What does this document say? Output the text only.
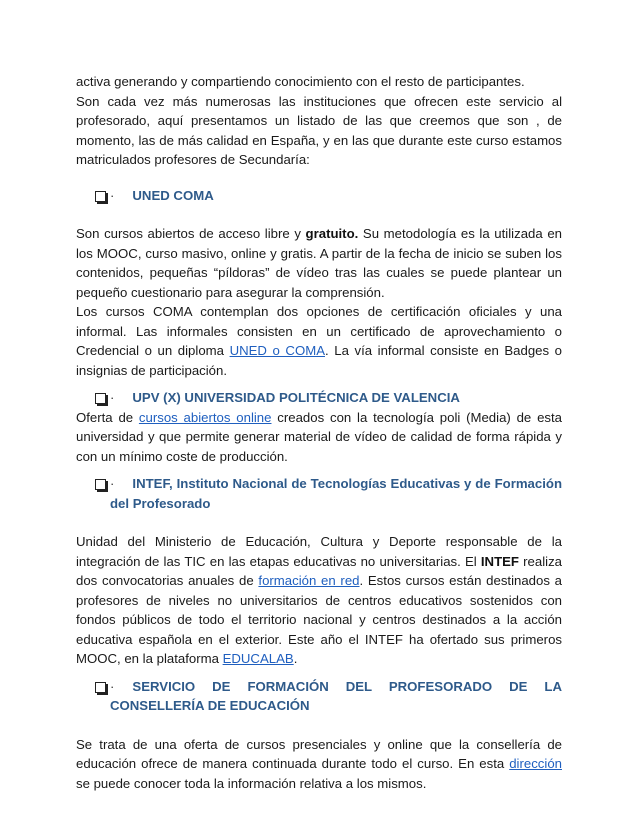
activa generando y compartiendo conocimiento con el resto de participantes.

Son cada vez más numerosas las instituciones que ofrecen este servicio al profesorado, aquí presentamos un listado de las que creemos que son , de momento, las de más calidad en España, y en las que durante este curso estamos matriculados profesores de Secundaría:

· UNED COMA

Son cursos abiertos de acceso libre y gratuito. Su metodología es la utilizada en los MOOC, curso masivo, online y gratis. A partir de la fecha de inicio se suben los contenidos, pequeñas “píldoras” de vídeo tras las cuales se puede plantear un pequeño cuestionario para asegurar la comprensión.

Los cursos COMA contemplan dos opciones de certificación oficiales y una informal. Las informales consisten en un certificado de aprovechamiento o Credencial o un diploma UNED o COMA. La vía informal consiste en Badges o insignias de participación.

· UPV (X) UNIVERSIDAD POLITÉCNICA DE VALENCIA

Oferta de cursos abiertos online creados con la tecnología poli (Media) de esta universidad y que permite generar material de vídeo de calidad de forma rápida y con un mínimo coste de producción.

· INTEF, Instituto Nacional de Tecnologías Educativas y de Formación del Profesorado

Unidad del Ministerio de Educación, Cultura y Deporte responsable de la integración de las TIC en las etapas educativas no universitarias. El INTEF realiza dos convocatorias anuales de formación en red. Estos cursos están destinados a profesores de niveles no universitarios de centros educativos sostenidos con fondos públicos de todo el territorio nacional y centros destinados a la acción educativa española en el exterior. Este año el INTEF ha ofertado sus primeros MOOC, en la plataforma EDUCALAB.

· SERVICIO DE FORMACIÓN DEL PROFESORADO DE LA CONSELLERÍA DE EDUCACIÓN

Se trata de una oferta de cursos presenciales y online que la consellería de educación ofrece de manera continuada durante todo el curso. En esta dirección se puede conocer toda la información relativa a los mismos.
